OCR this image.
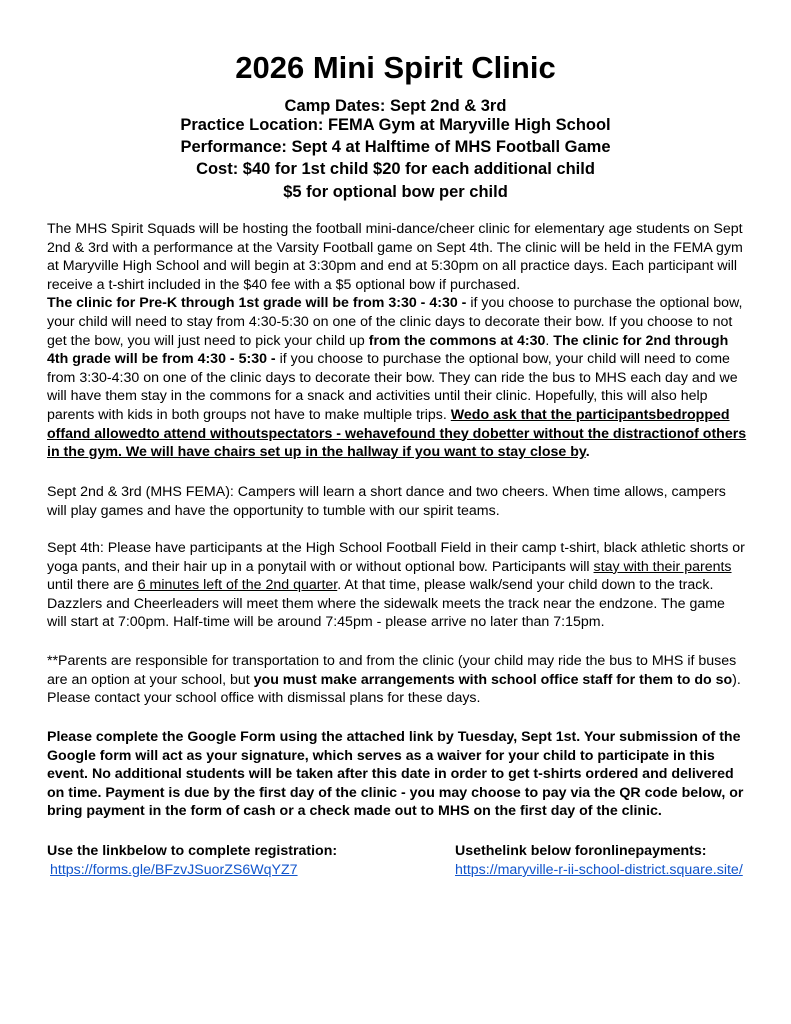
2026 Mini Spirit Clinic

Camp Dates: Sept 2nd & 3rd

Practice Location: FEMA Gym at Maryville High School

Performance: Sept 4 at Halftime of MHS Football Game

Cost: $40 for 1st child $20 for each additional child

$5 for optional bow per child

The MHS Spirit Squads will be hosting the football mini-dance/cheer clinic for elementary age students on Sept 2nd & 3rd with a performance at the Varsity Football game on Sept 4th. The clinic will be held in the FEMA gym at Maryville High School and will begin at 3:30pm and end at 5:30pm on all practice days. Each participant will receive a t-shirt included in the $40 fee with a $5 optional bow if purchased.
The clinic for Pre-K through 1st grade will be from 3:30 - 4:30 - if you choose to purchase the optional bow, your child will need to stay from 4:30-5:30 on one of the clinic days to decorate their bow. If you choose to not get the bow, you will just need to pick your child up from the commons at 4:30. The clinic for 2nd through 4th grade will be from 4:30 - 5:30 - if you choose to purchase the optional bow, your child will need to come from 3:30-4:30 on one of the clinic days to decorate their bow. They can ride the bus to MHS each day and we will have them stay in the commons for a snack and activities until their clinic. Hopefully, this will also help parents with kids in both groups not have to make multiple trips. Wedo ask that the participantsbedropped offand allowedto attend withoutspectators - wehavefound they dobetter without the distractionof others in the gym. We will have chairs set up in the hallway if you want to stay close by.

Sept 2nd & 3rd (MHS FEMA): Campers will learn a short dance and two cheers. When time allows, campers will play games and have the opportunity to tumble with our spirit teams.

Sept 4th: Please have participants at the High School Football Field in their camp t-shirt, black athletic shorts or yoga pants, and their hair up in a ponytail with or without optional bow. Participants will stay with their parents until there are 6 minutes left of the 2nd quarter. At that time, please walk/send your child down to the track. Dazzlers and Cheerleaders will meet them where the sidewalk meets the track near the endzone. The game will start at 7:00pm. Half-time will be around 7:45pm - please arrive no later than 7:15pm.

**Parents are responsible for transportation to and from the clinic (your child may ride the bus to MHS if buses are an option at your school, but you must make arrangements with school office staff for them to do so). Please contact your school office with dismissal plans for these days.

Please complete the Google Form using the attached link by Tuesday, Sept 1st. Your submission of the Google form will act as your signature, which serves as a waiver for your child to participate in this event. No additional students will be taken after this date in order to get t-shirts ordered and delivered on time. Payment is due by the first day of the clinic - you may choose to pay via the QR code below, or bring payment in the form of cash or a check made out to MHS on the first day of the clinic.

Use the linkbelow to complete registration:
https://forms.gle/BFzvJSuorZS6WqYZ7
Usethelink below foronlinepayments:
https://maryville-r-ii-school-district.square.site/
